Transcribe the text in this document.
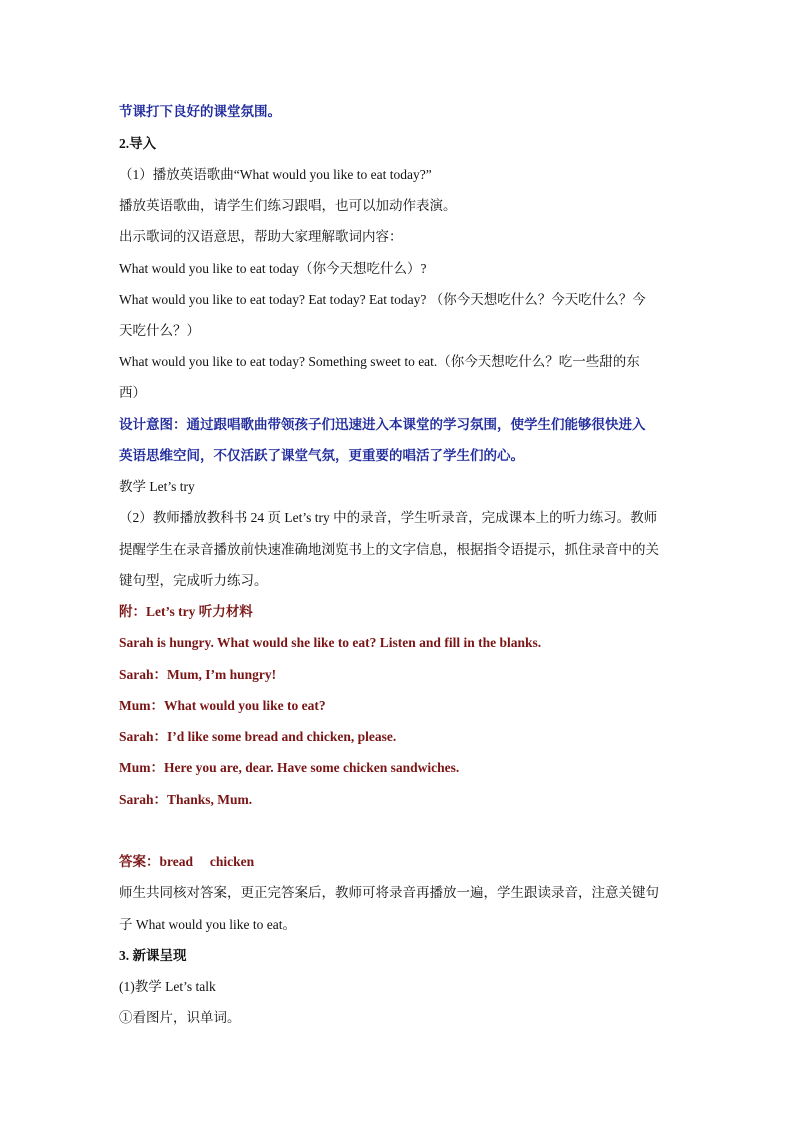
节课打下良好的课堂氛围。
2.导入
（1）播放英语歌曲“What would you like to eat today?”
播放英语歌曲，请学生们练习跟唱，也可以加动作表演。
出示歌词的汉语意思，帮助大家理解歌词内容：
What would you like to eat today（你今天想吃什么）?
What would you like to eat today? Eat today? Eat today? （你今天想吃什么？今天吃什么？今
天吃什么？）
What would you like to eat today? Something sweet to eat.（你今天想吃什么？吃一些甜的东
西）
设计意图：通过跟唱歌曲带领孩子们迅速进入本课堂的学习氛围，使学生们能够很快进入
英语思维空间，不仅活跃了课堂气氛，更重要的唱活了学生们的心。
教学 Let’s try
（2）教师播放教科书 24 页 Let’s try 中的录音，学生听录音，完成课本上的听力练习。教师
提醒学生在录音播放前快速准确地浏览书上的文字信息，根据指令语提示，抓住录音中的关
键句型，完成听力练习。
附：Let’s try 听力材料
Sarah is hungry. What would she like to eat? Listen and fill in the blanks.
Sarah：Mum, I’m hungry!
Mum：What would you like to eat?
Sarah：I’d like some bread and chicken, please.
Mum：Here you are, dear. Have some chicken sandwiches.
Sarah：Thanks, Mum.
答案：bread　 chicken
师生共同核对答案，更正完答案后，教师可将录音再播放一遍，学生跟读录音，注意关键句
子 What would you like to eat。
3. 新课呈现
(1)教学 Let’s talk
①看图片，识单词。
